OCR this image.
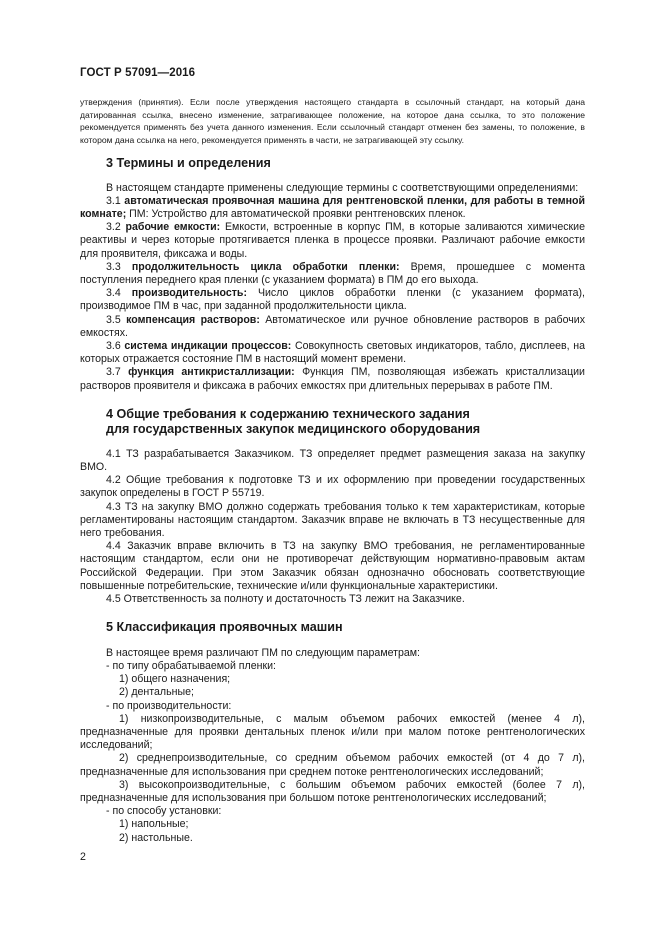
ГОСТ Р 57091—2016

утверждения (принятия). Если после утверждения настоящего стандарта в ссылочный стандарт, на который дана датированная ссылка, внесено изменение, затрагивающее положение, на которое дана ссылка, то это положение рекомендуется применять без учета данного изменения. Если ссылочный стандарт отменен без замены, то положение, в котором дана ссылка на него, рекомендуется применять в части, не затрагивающей эту ссылку.

3 Термины и определения

В настоящем стандарте применены следующие термины с соответствующими определениями:

3.1 автоматическая проявочная машина для рентгеновской пленки, для работы в темной комнате; ПМ: Устройство для автоматической проявки рентгеновских пленок.

3.2 рабочие емкости: Емкости, встроенные в корпус ПМ, в которые заливаются химические реактивы и через которые протягивается пленка в процессе проявки. Различают рабочие емкости для проявителя, фиксажа и воды.

3.3 продолжительность цикла обработки пленки: Время, прошедшее с момента поступления переднего края пленки (с указанием формата) в ПМ до его выхода.

3.4 производительность: Число циклов обработки пленки (с указанием формата), производимое ПМ в час, при заданной продолжительности цикла.

3.5 компенсация растворов: Автоматическое или ручное обновление растворов в рабочих емкостях.

3.6 система индикации процессов: Совокупность световых индикаторов, табло, дисплеев, на которых отражается состояние ПМ в настоящий момент времени.

3.7 функция антикристаллизации: Функция ПМ, позволяющая избежать кристаллизации растворов проявителя и фиксажа в рабочих емкостях при длительных перерывах в работе ПМ.

4 Общие требования к содержанию технического задания
для государственных закупок медицинского оборудования

4.1 ТЗ разрабатывается Заказчиком. ТЗ определяет предмет размещения заказа на закупку ВМО.

4.2 Общие требования к подготовке ТЗ и их оформлению при проведении государственных закупок определены в ГОСТ Р 55719.

4.3 ТЗ на закупку ВМО должно содержать требования только к тем характеристикам, которые регламентированы настоящим стандартом. Заказчик вправе не включать в ТЗ несущественные для него требования.

4.4 Заказчик вправе включить в ТЗ на закупку ВМО требования, не регламентированные настоящим стандартом, если они не противоречат действующим нормативно-правовым актам Российской Федерации. При этом Заказчик обязан однозначно обосновать соответствующие повышенные потребительские, технические и/или функциональные характеристики.

4.5 Ответственность за полноту и достаточность ТЗ лежит на Заказчике.

5 Классификация проявочных машин

В настоящее время различают ПМ по следующим параметрам:

- по типу обрабатываемой пленки:

1) общего назначения;

2) дентальные;

- по производительности:

1) низкопроизводительные, с малым объемом рабочих емкостей (менее 4 л), предназначенные для проявки дентальных пленок и/или при малом потоке рентгенологических исследований;

2) среднепроизводительные, со средним объемом рабочих емкостей (от 4 до 7 л), предназначенные для использования при среднем потоке рентгенологических исследований;

3) высокопроизводительные, с большим объемом рабочих емкостей (более 7 л), предназначенные для использования при большом потоке рентгенологических исследований;

- по способу установки:

1) напольные;

2) настольные.

2
